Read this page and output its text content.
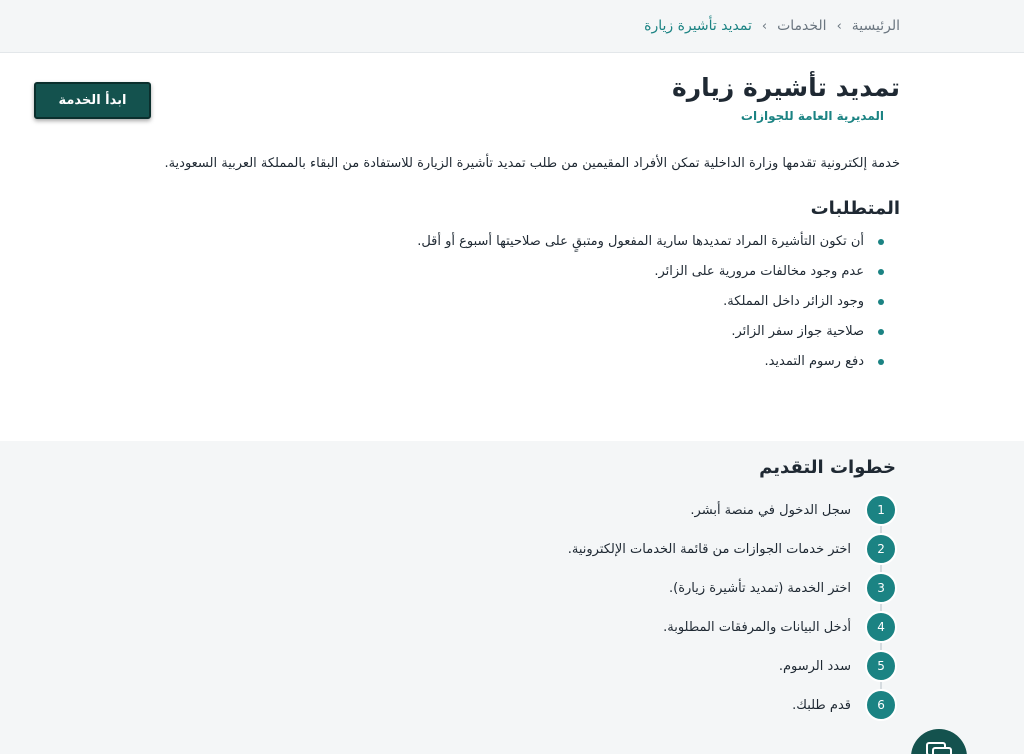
الرئيسية
›
الخدمات
›
تمديد تأشيرة زيارة
تمديد تأشيرة زيارة
المديرية العامة للجوازات
ابدأ الخدمة

خدمة إلكترونية تقدمها وزارة الداخلية تمكن الأفراد المقيمين من طلب تمديد تأشيرة الزيارة للاستفادة من البقاء بالمملكة العربية السعودية.

المتطلبات
أن تكون التأشيرة المراد تمديدها سارية المفعول ومتبقٍ على صلاحيتها أسبوع أو أقل.
عدم وجود مخالفات مرورية على الزائر.
وجود الزائر داخل المملكة.
صلاحية جواز سفر الزائر.
دفع رسوم التمديد.
خطوات التقديم
1
سجل الدخول في منصة أبشر.
2
اختر خدمات الجوازات من قائمة الخدمات الإلكترونية.
3
اختر الخدمة (تمديد تأشيرة زيارة).
4
أدخل البيانات والمرفقات المطلوبة.
5
سدد الرسوم.
6
قدم طلبك.
